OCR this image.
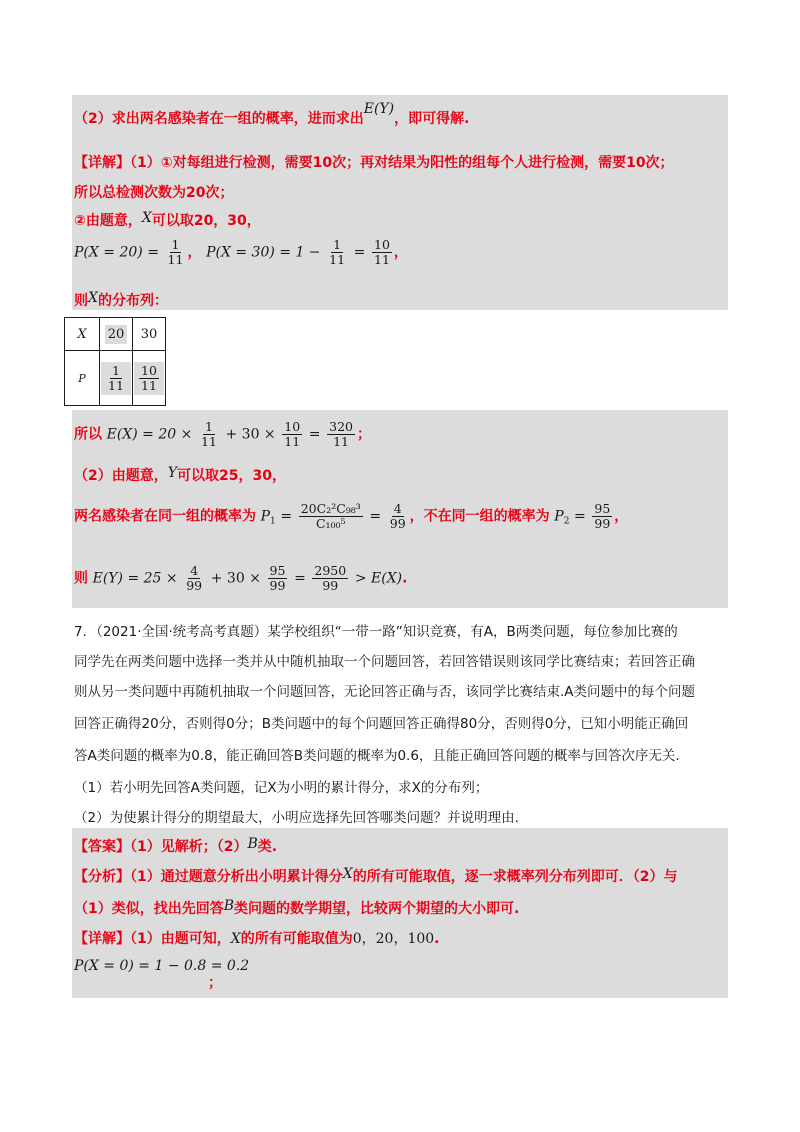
（2）求出两名感染者在一组的概率，进而求出E(Y)，即可得解.
【详解】（1）①对每组进行检测，需要10次；再对结果为阳性的组每个人进行检测，需要10次；
所以总检测次数为20次；
②由题意，X可以取20，30，
$P(X = 20) = \frac{1}{11}$ ， $P(X = 30) = 1 - \frac{1}{11} = \frac{10}{11}$ ，
则X的分布列：
X	20	30
P	$\frac{1}{11}$	$\frac{10}{11}$
所以 $E(X) = 20 \times \frac{1}{11} + 30 \times \frac{10}{11} = \frac{320}{11}$ ；
（2）由题意，Y可以取25，30，
两名感染者在同一组的概率为 $P_1 = \frac{\text{20C₂²C₉₈³}}{\text{C₁₀₀⁵}} = \frac{4}{99}$ ，不在同一组的概率为 $P_2 = \frac{95}{99}$ ，
则 $E(Y) = 25 \times \frac{4}{99} + 30 \times \frac{95}{99} = \frac{2950}{99} > E(X)$.
7．（2021·全国·统考高考真题）某学校组织“一带一路”知识竞赛，有A，B两类问题，每位参加比赛的
同学先在两类问题中选择一类并从中随机抽取一个问题回答，若回答错误则该同学比赛结束；若回答正确
则从另一类问题中再随机抽取一个问题回答，无论回答正确与否，该同学比赛结束.A类问题中的每个问题
回答正确得20分，否则得0分；B类问题中的每个问题回答正确得80分，否则得0分，已知小明能正确回
答A类问题的概率为0.8，能正确回答B类问题的概率为0.6，且能正确回答问题的概率与回答次序无关.
（1）若小明先回答A类问题，记X为小明的累计得分，求X的分布列；
（2）为使累计得分的期望最大，小明应选择先回答哪类问题？并说明理由.
【答案】（1）见解析；（2）B类.
【分析】（1）通过题意分析出小明累计得分X的所有可能取值，逐一求概率列分布列即可．（2）与
（1）类似，找出先回答B类问题的数学期望，比较两个期望的大小即可.
【详解】（1）由题可知，X的所有可能取值为0，20，100.
P(X = 0) = 1 − 0.8 = 0.2
；
